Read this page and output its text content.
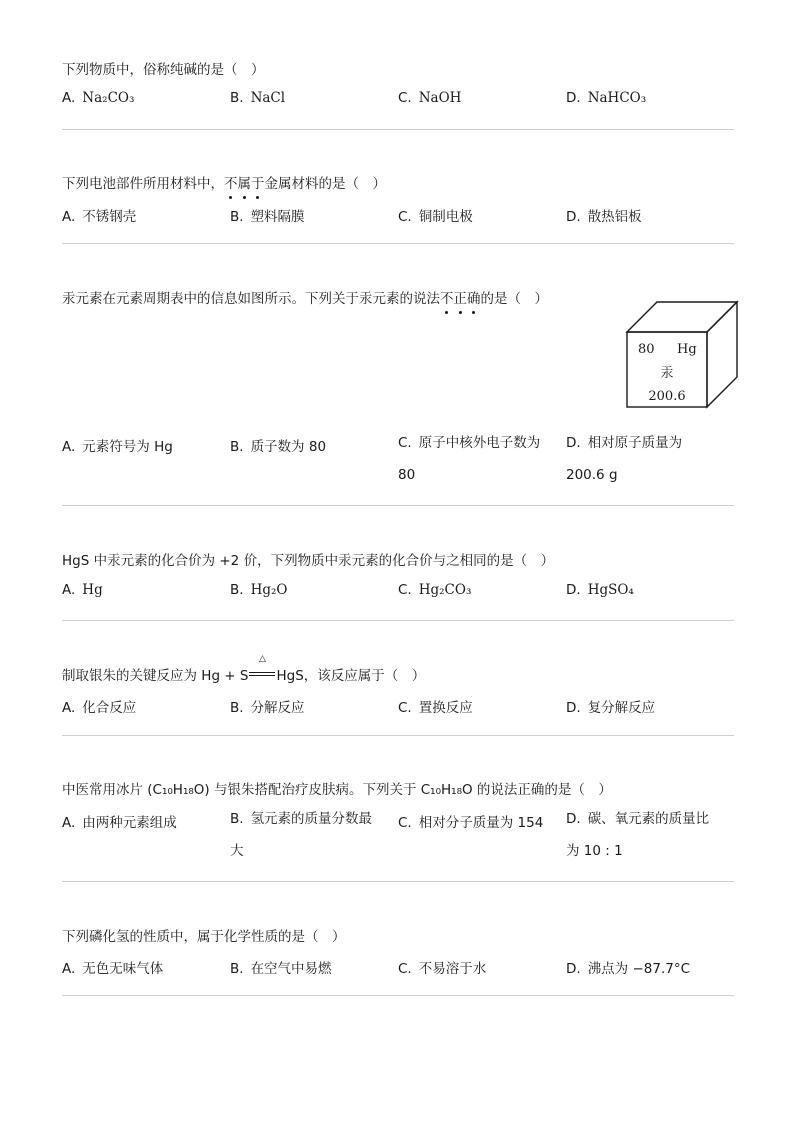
下列物质中，俗称纯碱的是（　）
A. Na₂CO₃	B. NaCl	C. NaOH	D. NaHCO₃
下列电池部件所用材料中，不属于金属材料的是（　）
A. 不锈钢壳	B. 塑料隔膜	C. 铜制电极	D. 散热铝板
汞元素在元素周期表中的信息如图所示。下列关于汞元素的说法不正确的是（　）
80 Hg
汞
200.6
A. 元素符号为 Hg	B. 质子数为 80	C. 原子中核外电子数为 80
D. 相对原子质量为 200.6 g
HgS 中汞元素的化合价为 +2 价，下列物质中汞元素的化合价与之相同的是（　）
A. Hg	B. Hg₂O	C. Hg₂CO₃	D. HgSO₄
制取银朱的关键反应为 Hg + S
△
HgS，该反应属于（　）
A. 化合反应	B. 分解反应	C. 置换反应	D. 复分解反应
中医常用冰片 (C₁₀H₁₈O) 与银朱搭配治疗皮肤病。下列关于 C₁₀H₁₈O 的说法正确的是（　）
A. 由两种元素组成	B. 氢元素的质量分数最大
C. 相对分子质量为 154 D. 碳、氧元素的质量比为 10 : 1
下列磷化氢的性质中，属于化学性质的是（　）
A. 无色无味气体	B. 在空气中易燃	C. 不易溶于水	D. 沸点为 −87.7°C
